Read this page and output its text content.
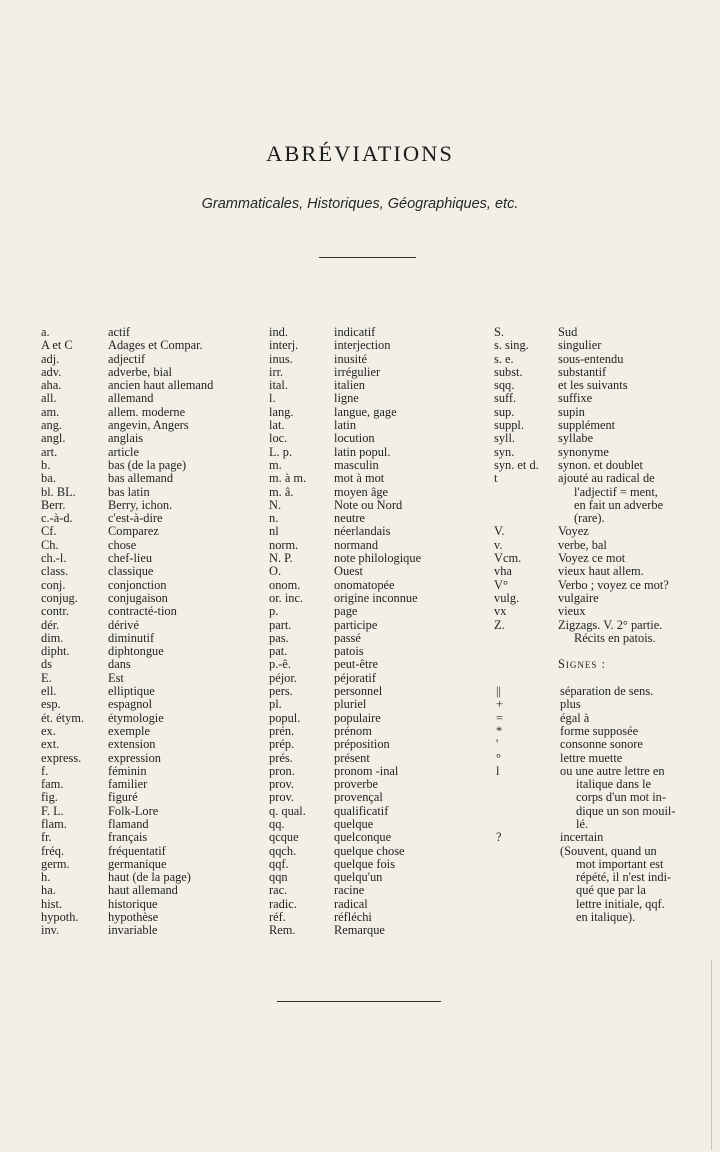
ABRÉVIATIONS
Grammaticales, Historiques, Géographiques, etc.
a.	actif
A et C	Adages et Compar.
adj.	adjectif
adv.	adverbe, bial
aha.	ancien haut allemand
all.	allemand
am.	allem. moderne
ang.	angevin, Angers
angl.	anglais
art.	article
b.	bas (de la page)
ba.	bas allemand
bl. BL.	bas latin
Berr.	Berry, ichon.
c.-à-d.	c'est-à-dire
Cf.	Comparez
Ch.	chose
ch.-l.	chef-lieu
class.	classique
conj.	conjonction
conjug.	conjugaison
contr.	contracté-tion
dér.	dérivé
dim.	diminutif
dipht.	diphtongue
ds	dans
E.	Est
ell.	elliptique
esp.	espagnol
ét. étym.	étymologie
ex.	exemple
ext.	extension
express.	expression
f.	féminin
fam.	familier
fig.	figuré
F. L.	Folk-Lore
flam.	flamand
fr.	français
fréq.	fréquentatif
germ.	germanique
h.	haut (de la page)
ha.	haut allemand
hist.	historique
hypoth.	hypothèse
inv.	invariable
ind.	indicatif
interj.	interjection
inus.	inusité
irr.	irrégulier
ital.	italien
l.	ligne
lang.	langue, gage
lat.	latin
loc.	locution
L. p.	latin popul.
m.	masculin
m. à m.	mot à mot
m. â.	moyen âge
N.	Note ou Nord
n.	neutre
nl	néerlandais
norm.	normand
N. P.	note philologique
O.	Ouest
onom.	onomatopée
or. inc.	origine inconnue
p.	page
part.	participe
pas.	passé
pat.	patois
p.-ê.	peut-être
péjor.	péjoratif
pers.	personnel
pl.	pluriel
popul.	populaire
prén.	prénom
prép.	préposition
prés.	présent
pron.	pronom -inal
prov.	proverbe
prov.	provençal
q. qual.	qualificatif
qq.	quelque
qcque	quelconque
qqch.	quelque chose
qqf.	quelque fois
qqn	quelqu'un
rac.	racine
radic.	radical
réf.	réfléchi
Rem.	Remarque
S.	Sud
s. sing.	singulier
s. e.	sous-entendu
subst.	substantif
sqq.	et les suivants
suff.	suffixe
sup.	supin
suppl.	supplément
syll.	syllabe
syn.	synonyme
syn. et d.	synon. et doublet
t	ajouté au radical de
l'adjectif = ment,
en fait un adverbe
(rare).
V.	Voyez
v.	verbe, bal
Vcm.	Voyez ce mot
vha	vieux haut allem.
V°	Verbo ; voyez ce mot?
vulg.	vulgaire
vx	vieux
Z.	Zigzags. V. 2° partie.
Récits en patois.
Signes :
||	séparation de sens.
+	plus
=	égal à
*	forme supposée
'	consonne sonore
°	lettre muette
l	ou une autre lettre en
italique dans le
corps d'un mot in-
dique un son mouil-
lé.
?	incertain
(Souvent, quand un
mot important est
répété, il n'est indi-
qué que par la
lettre initiale, qqf.
en italique).
